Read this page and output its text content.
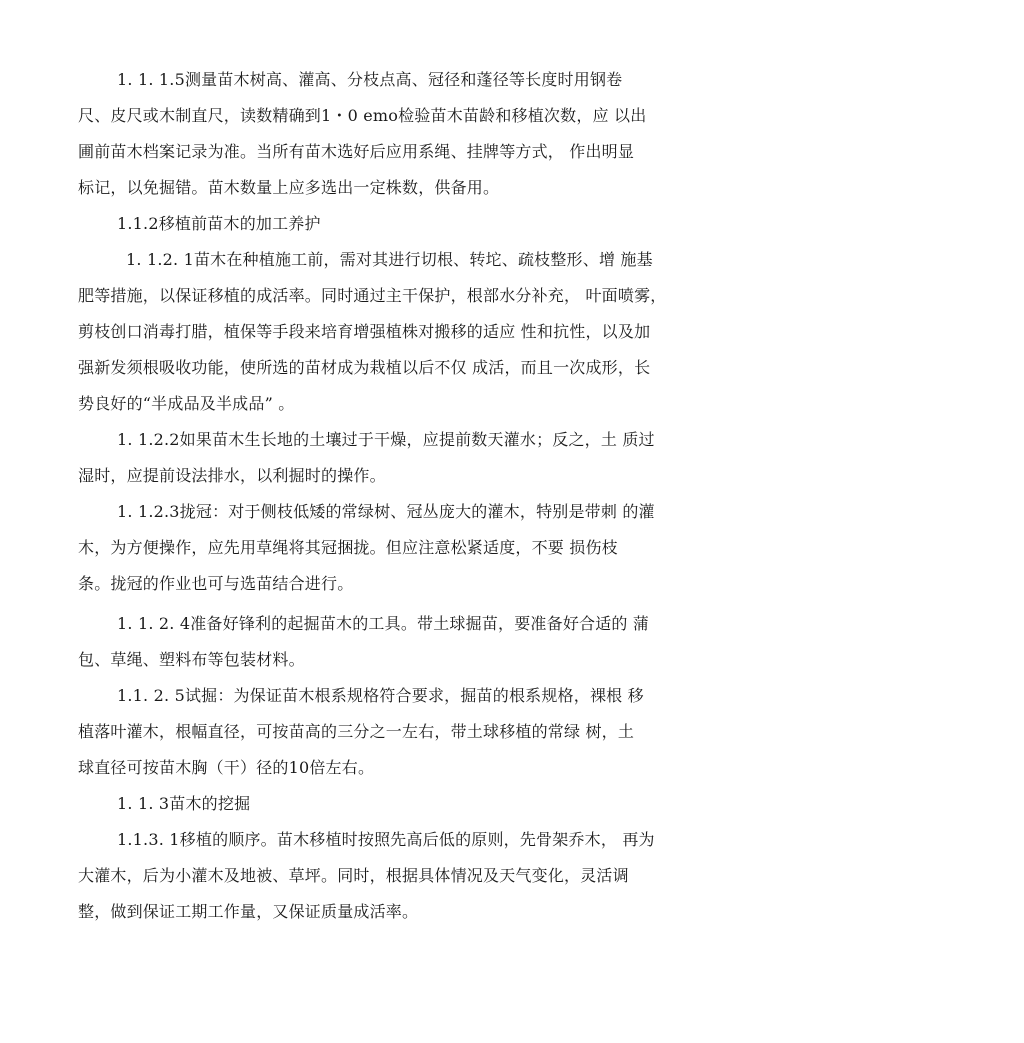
1. 1. 1.5测量苗木树高、灌高、分枝点高、冠径和蓬径等长度时用钢卷
尺、皮尺或木制直尺，读数精确到1・0 emo检验苗木苗龄和移植次数，应 以出
圃前苗木档案记录为准。当所有苗木选好后应用系绳、挂牌等方式， 作出明显
标记，以免掘错。苗木数量上应多选出一定株数，供备用。
1.1.2移植前苗木的加工养护
1. 1.2. 1苗木在种植施工前，需对其进行切根、转坨、疏枝整形、增 施基
肥等措施，以保证移植的成活率。同时通过主干保护，根部水分补充， 叶面喷雾，
剪枝创口消毒打腊，植保等手段来培育增强植株对搬移的适应 性和抗性，以及加
强新发须根吸收功能，使所选的苗材成为栽植以后不仅 成活，而且一次成形，长
势良好的“半成品及半成品” 。
1. 1.2.2如果苗木生长地的土壤过于干燥，应提前数天灌水；反之，土 质过
湿时，应提前设法排水，以利掘时的操作。
1. 1.2.3拢冠：对于侧枝低矮的常绿树、冠丛庞大的灌木，特别是带刺 的灌
木，为方便操作，应先用草绳将其冠捆拢。但应注意松紧适度，不要 损伤枝
条。拢冠的作业也可与选苗结合进行。
1. 1. 2. 4准备好锋利的起掘苗木的工具。带土球掘苗，要准备好合适的 蒲
包、草绳、塑料布等包装材料。
1.1. 2. 5试掘：为保证苗木根系规格符合要求，掘苗的根系规格，裸根 移
植落叶灌木，根幅直径，可按苗高的三分之一左右，带土球移植的常绿 树，土
球直径可按苗木胸（干）径的10倍左右。
1. 1. 3苗木的挖掘
1.1.3. 1移植的顺序。苗木移植时按照先高后低的原则，先骨架乔木， 再为
大灌木，后为小灌木及地被、草坪。同时，根据具体情况及天气变化，灵活调
整，做到保证工期工作量，又保证质量成活率。
